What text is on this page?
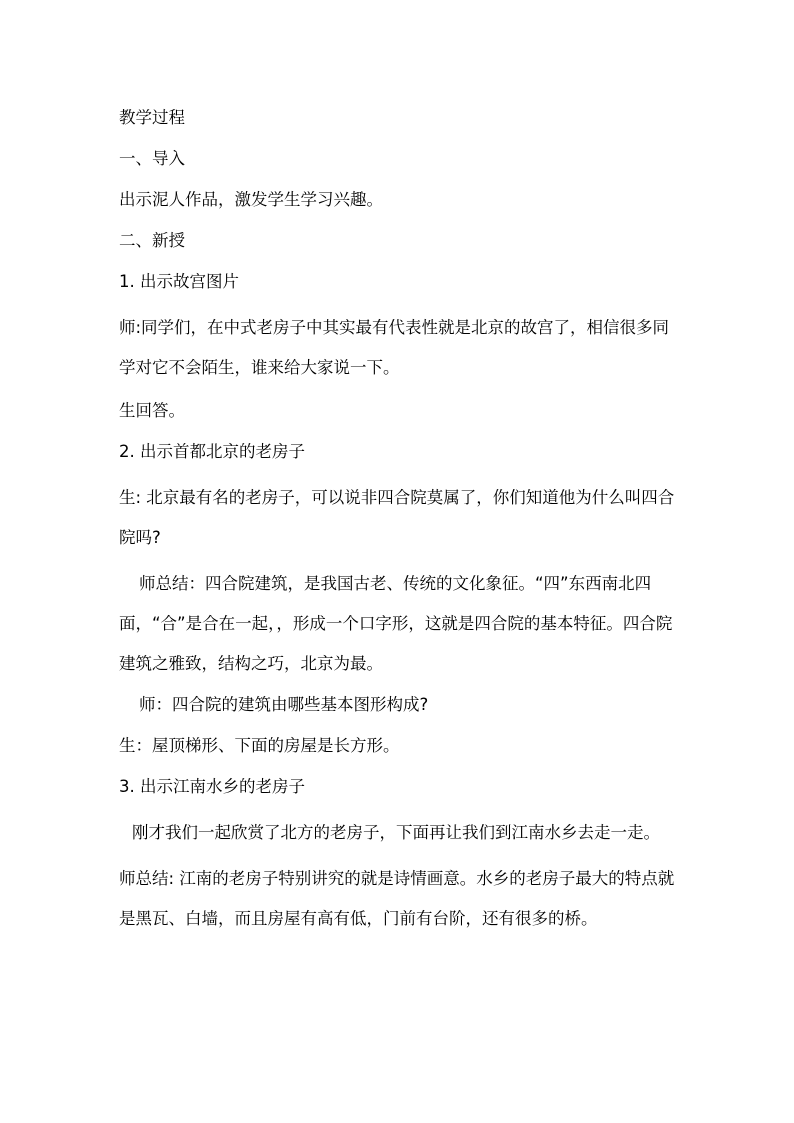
教学过程

一、导入

出示泥人作品，激发学生学习兴趣。

二、新授

1. 出示故宫图片

师:同学们，在中式老房子中其实最有代表性就是北京的故宫了，相信很多同学对它不会陌生，谁来给大家说一下。

生回答。

2. 出示首都北京的老房子

生: 北京最有名的老房子，可以说非四合院莫属了，你们知道他为什么叫四合院吗?

师总结：四合院建筑，是我国古老、传统的文化象征。“四”东西南北四面，“合”是合在一起，，形成一个口字形，这就是四合院的基本特征。四合院建筑之雅致，结构之巧，北京为最。

师：四合院的建筑由哪些基本图形构成?

生：屋顶梯形、下面的房屋是长方形。

3. 出示江南水乡的老房子

刚才我们一起欣赏了北方的老房子，下面再让我们到江南水乡去走一走。

师总结: 江南的老房子特别讲究的就是诗情画意。水乡的老房子最大的特点就是黑瓦、白墙，而且房屋有高有低，门前有台阶，还有很多的桥。
